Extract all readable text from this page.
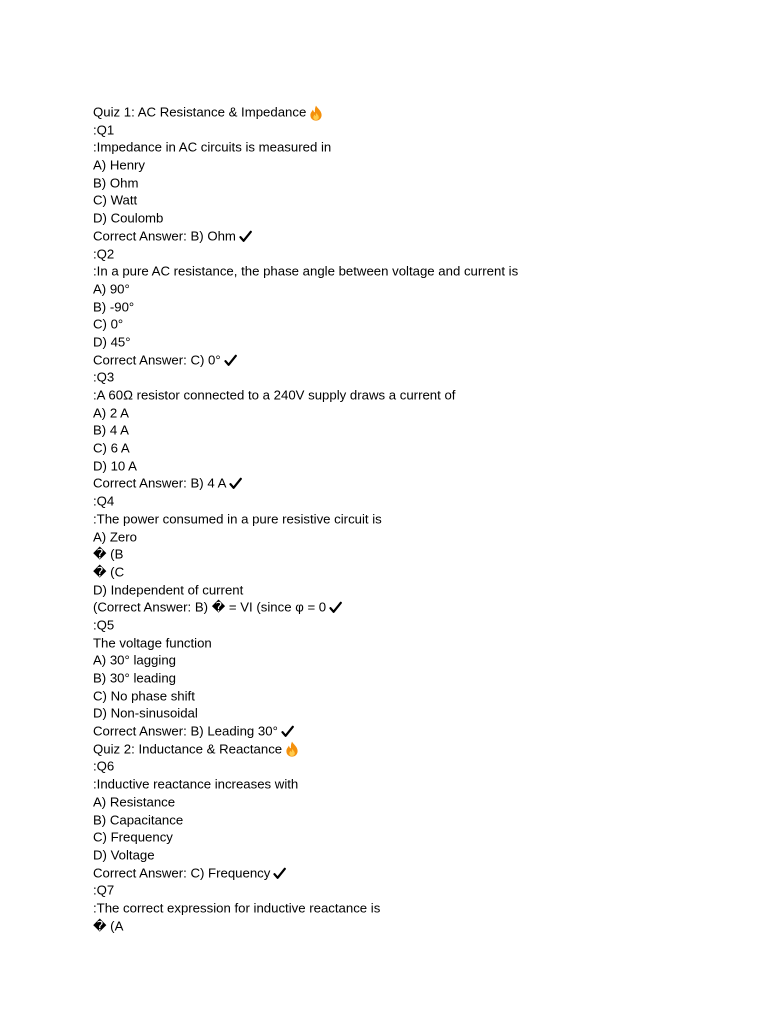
Quiz 1: AC Resistance & Impedance
:Q1
:Impedance in AC circuits is measured in
A) Henry
B) Ohm
C) Watt
D) Coulomb
Correct Answer: B) Ohm
:Q2
:In a pure AC resistance, the phase angle between voltage and current is
A) 90°
B) -90°
C) 0°
D) 45°
Correct Answer: C) 0°
:Q3
:A 60Ω resistor connected to a 240V supply draws a current of
A) 2 A
B) 4 A
C) 6 A
D) 10 A
Correct Answer: B) 4 A
:Q4
:The power consumed in a pure resistive circuit is
A) Zero
� (B
� (C
D) Independent of current
(Correct Answer: B) � = VI (since φ = 0
:Q5
The voltage function
A) 30° lagging
B) 30° leading
C) No phase shift
D) Non-sinusoidal
Correct Answer: B) Leading 30°
Quiz 2: Inductance & Reactance
:Q6
:Inductive reactance increases with
A) Resistance
B) Capacitance
C) Frequency
D) Voltage
Correct Answer: C) Frequency
:Q7
:The correct expression for inductive reactance is
� (A
